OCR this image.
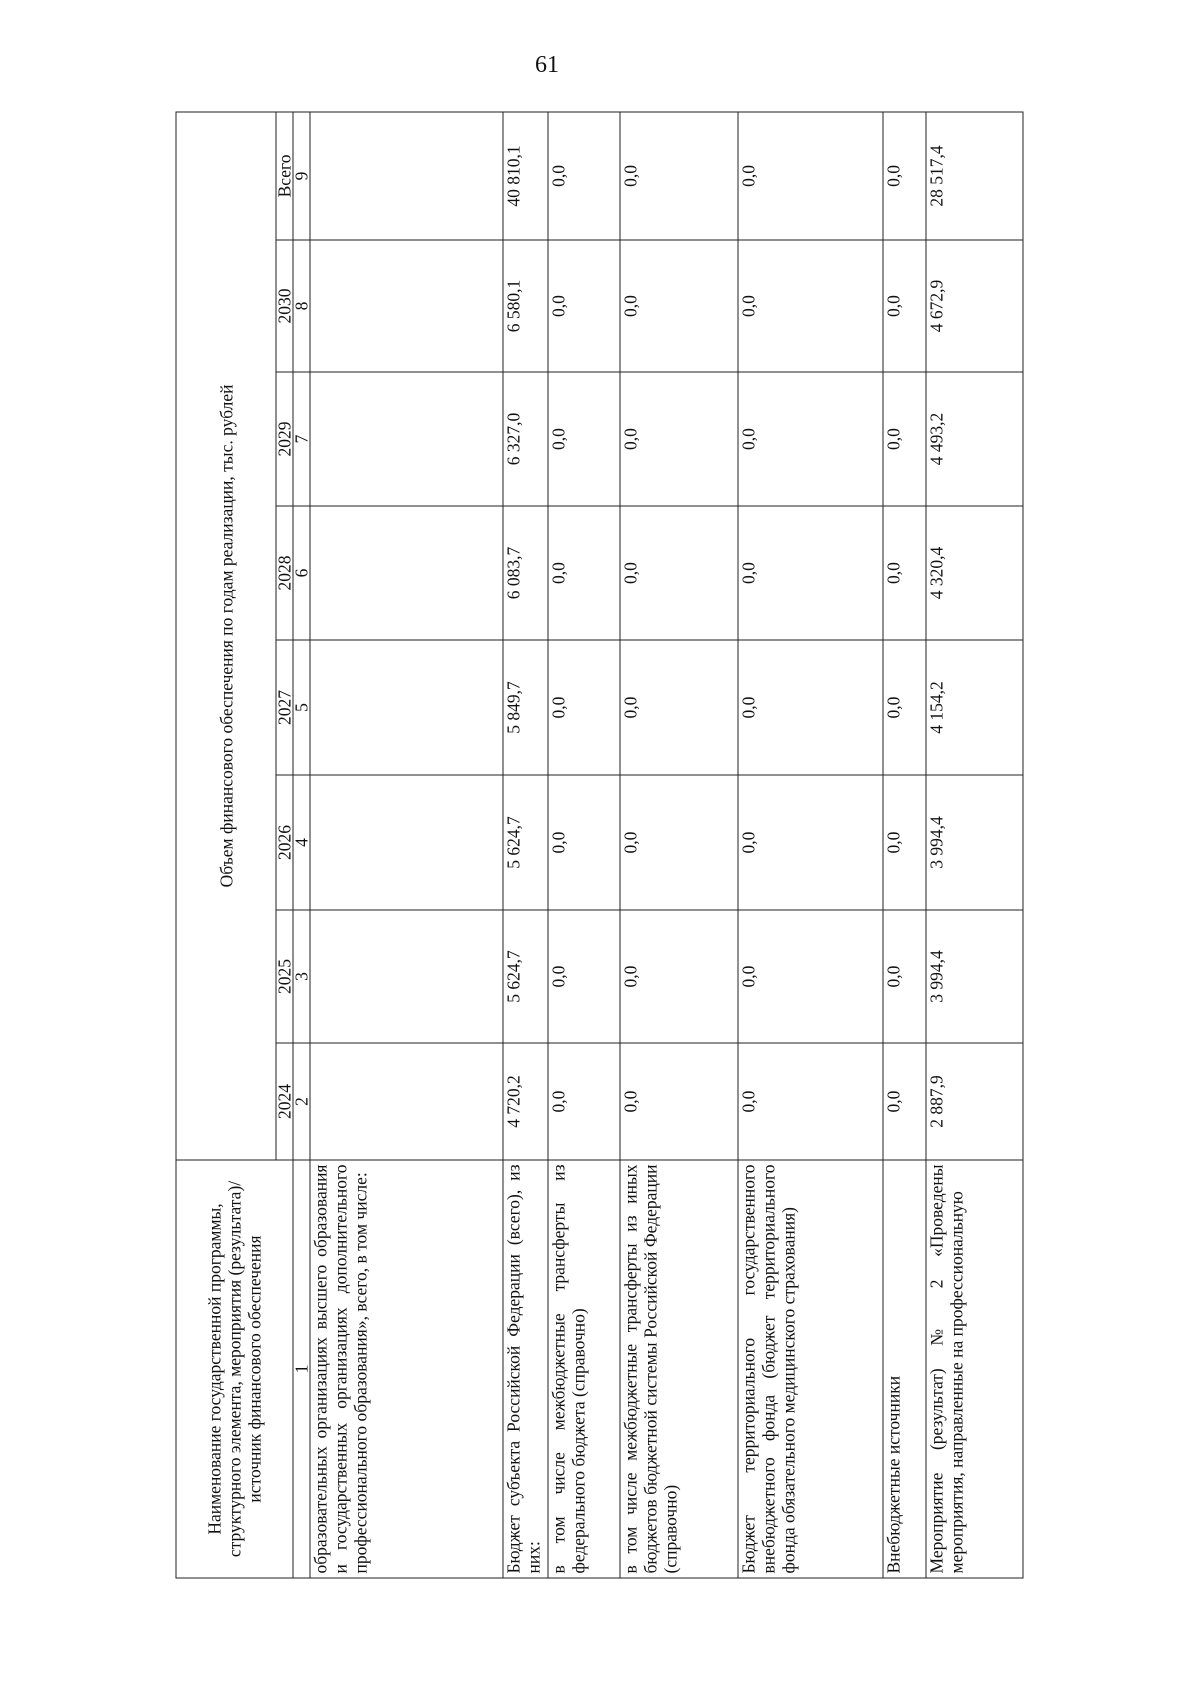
61
Наименование государственной программы, структурного элемента, мероприятия (результата)/источник финансового обеспечения	Объем финансового обеспечения по годам реализации, тыс. рублей							
	2024	2025	2026	2027	2028	2029	2030	Всего
1	2	3	4	5	6	7	8	9
образовательных организациях высшего образования и государственных организациях дополнительного профессионального образования», всего, в том числе:								
Бюджет субъекта Российской Федерации (всего), из них:	4 720,2	5 624,7	5 624,7	5 849,7	6 083,7	6 327,0	6 580,1	40 810,1
в том числе межбюджетные трансферты из федерального бюджета (справочно)	0,0	0,0	0,0	0,0	0,0	0,0	0,0	0,0
в том числе межбюджетные трансферты из иных бюджетов бюджетной системы Российской Федерации (справочно)	0,0	0,0	0,0	0,0	0,0	0,0	0,0	0,0
Бюджет территориального государственного внебюджетного фонда (бюджет территориального фонда обязательного медицинского страхования)	0,0	0,0	0,0	0,0	0,0	0,0	0,0	0,0
Внебюджетные источники	0,0	0,0	0,0	0,0	0,0	0,0	0,0	0,0
Мероприятие (результат) № 2 «Проведены мероприятия, направленные на профессиональную	2 887,9	3 994,4	3 994,4	4 154,2	4 320,4	4 493,2	4 672,9	28 517,4
